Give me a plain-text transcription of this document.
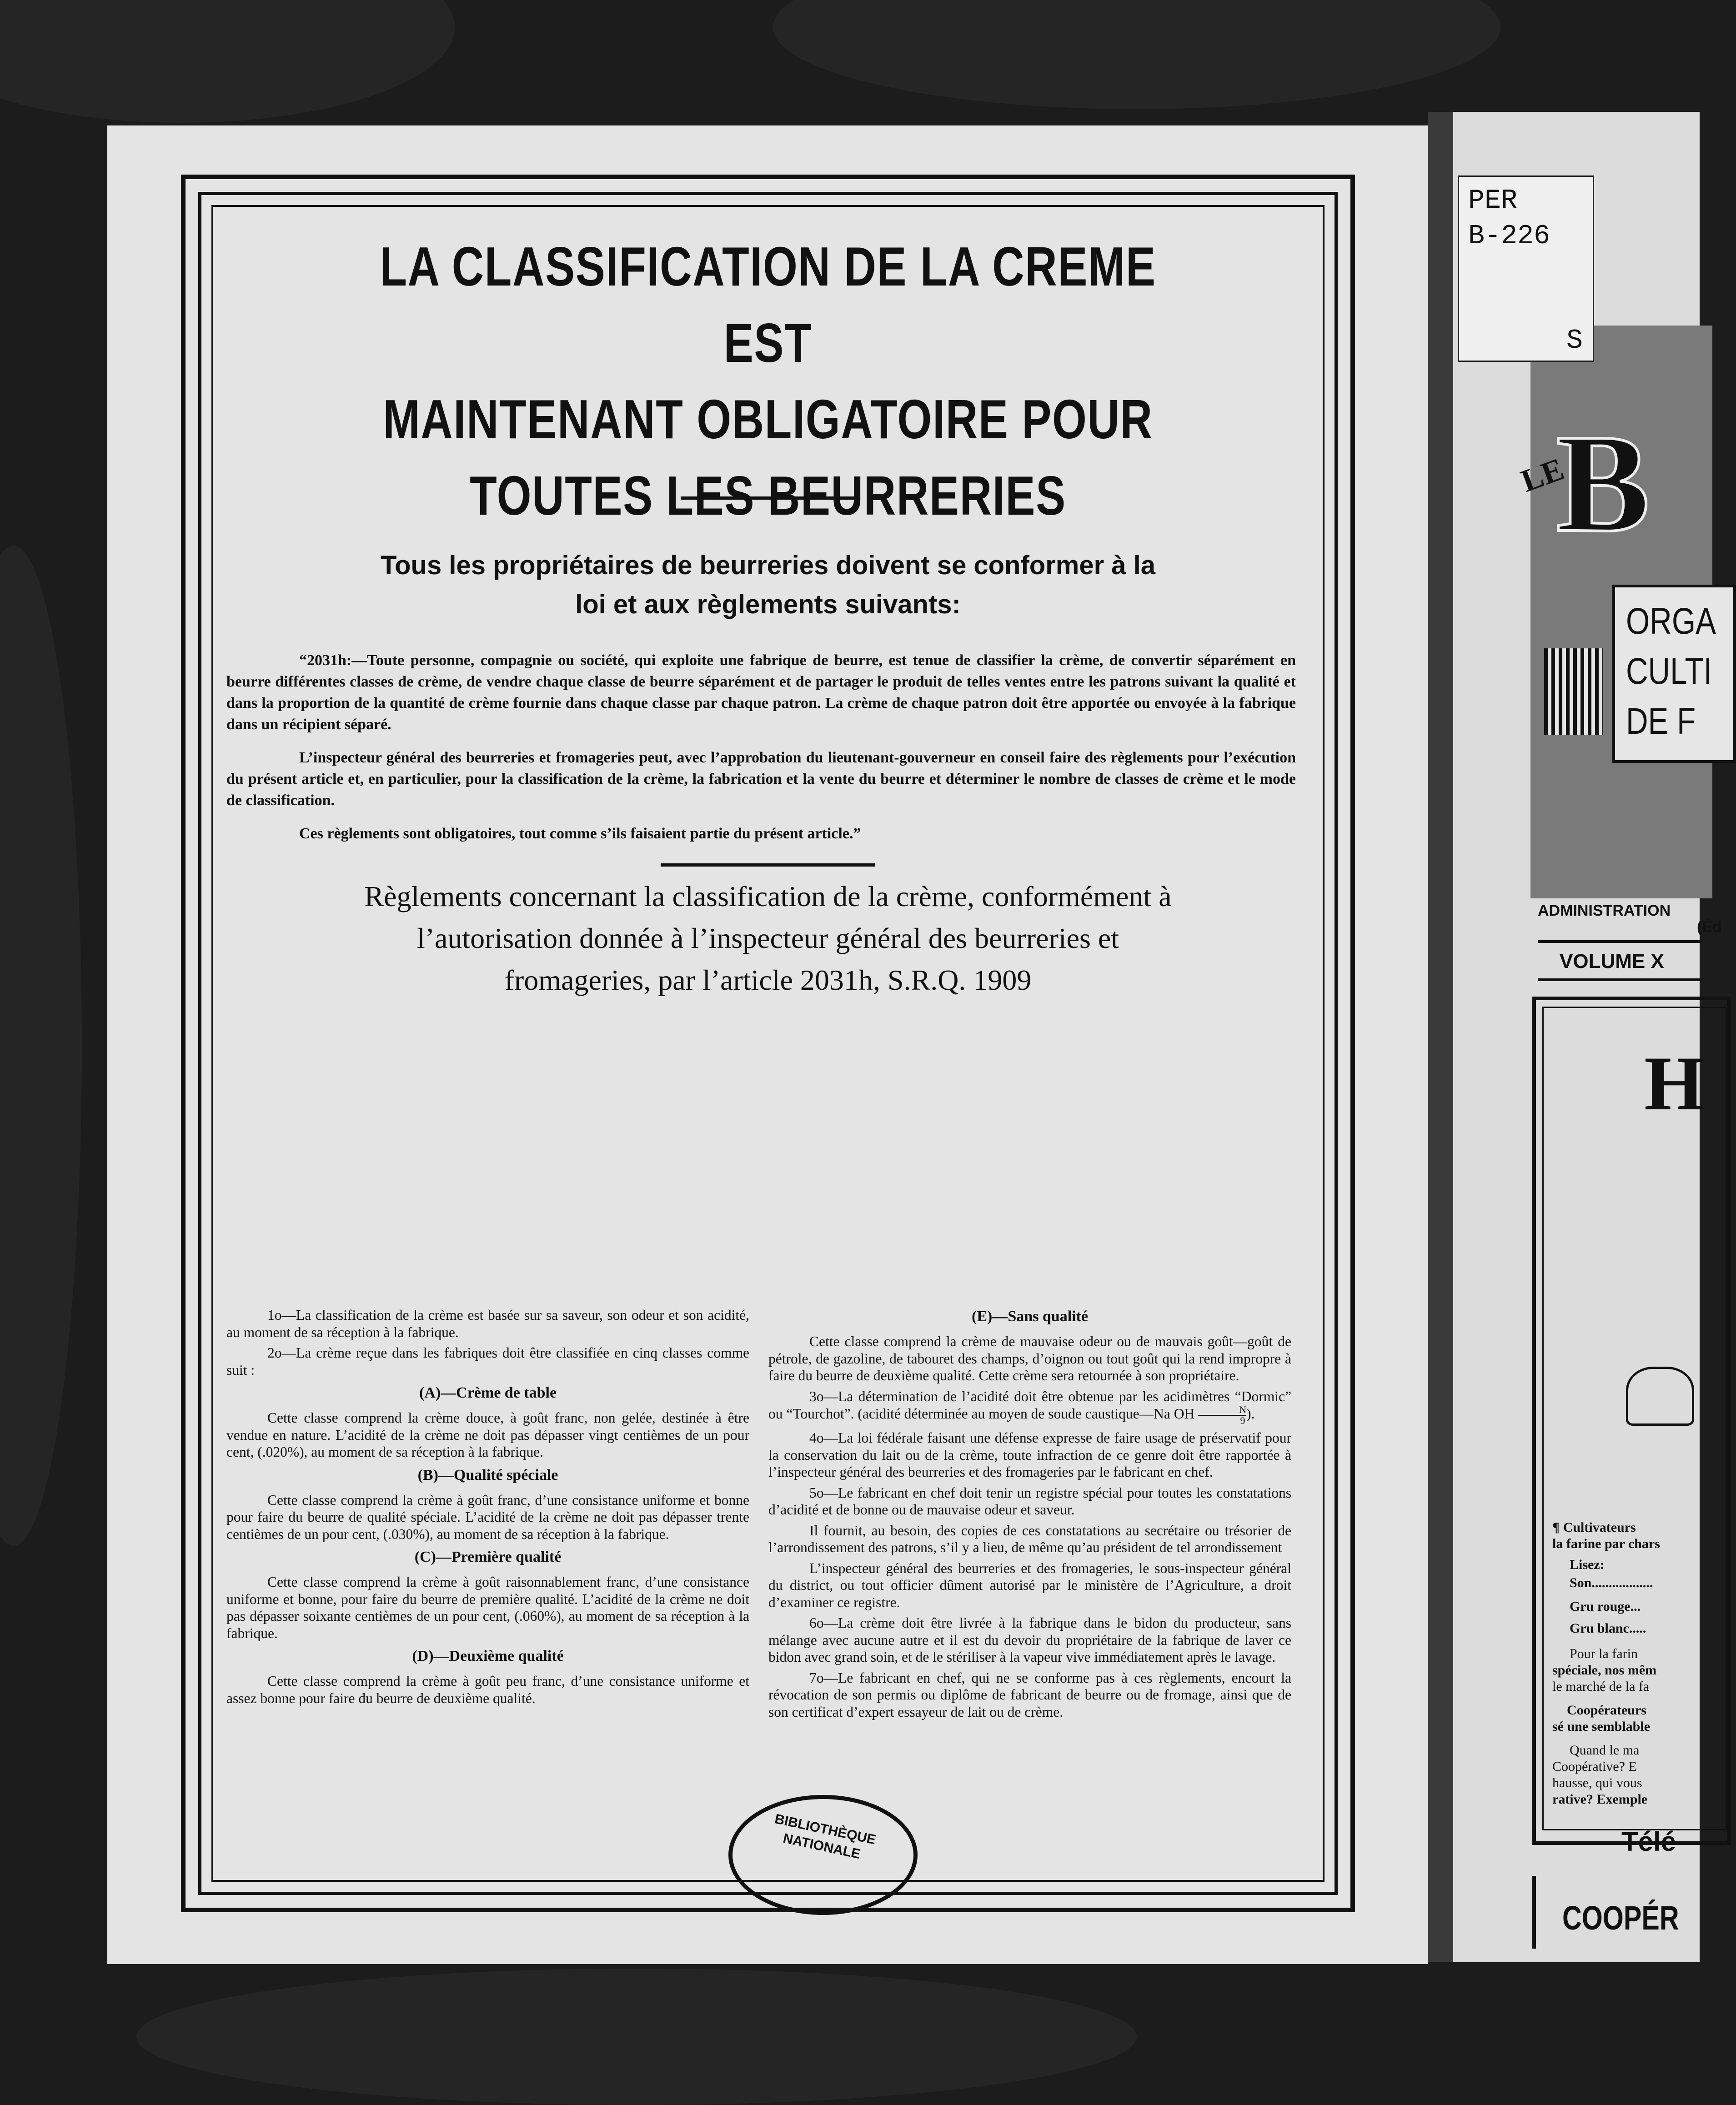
LA CLASSIFICATION DE LA CREME EST

MAINTENANT OBLIGATOIRE POUR

TOUTES LES BEURRERIES

Tous les propriétaires de beurreries doivent se conformer à la

loi et aux règlements suivants:

“2031h:—Toute personne, compagnie ou société, qui exploite une fabrique de beurre, est tenue de classifier la crème, de convertir séparément en beurre différentes classes de crème, de vendre chaque classe de beurre séparément et de partager le produit de telles ventes entre les patrons suivant la qualité et dans la proportion de la quantité de crème fournie dans chaque classe par chaque patron. La crème de chaque patron doit être apportée ou envoyée à la fabrique dans un récipient séparé.

L’inspecteur général des beurreries et fromageries peut, avec l’approbation du lieutenant-gouverneur en conseil faire des règlements pour l’exécution du présent article et, en particulier, pour la classification de la crème, la fabrication et la vente du beurre et déterminer le nombre de classes de crème et le mode de classification.

Ces règlements sont obligatoires, tout comme s’ils faisaient partie du présent article.”

Règlements concernant la classification de la crème, conformément à

l’autorisation donnée à l’inspecteur général des beurreries et

fromageries, par l’article 2031h, S.R.Q. 1909

1o—La classification de la crème est basée sur sa saveur, son odeur et son acidité, au moment de sa réception à la fabrique.

2o—La crème reçue dans les fabriques doit être classifiée en cinq classes comme suit :

(A)—Crème de table

Cette classe comprend la crème douce, à goût franc, non gelée, destinée à être vendue en nature. L’acidité de la crème ne doit pas dépasser vingt centièmes de un pour cent, (.020%), au moment de sa réception à la fabrique.

(B)—Qualité spéciale

Cette classe comprend la crème à goût franc, d’une consistance uniforme et bonne pour faire du beurre de qualité spéciale. L’acidité de la crème ne doit pas dépasser trente centièmes de un pour cent, (.030%), au moment de sa réception à la fabrique.

(C)—Première qualité

Cette classe comprend la crème à goût raisonnablement franc, d’une consistance uniforme et bonne, pour faire du beurre de première qualité. L’acidité de la crème ne doit pas dépasser soixante centièmes de un pour cent, (.060%), au moment de sa réception à la fabrique.

(D)—Deuxième qualité

Cette classe comprend la crème à goût peu franc, d’une consistance uniforme et assez bonne pour faire du beurre de deuxième qualité.

(E)—Sans qualité

Cette classe comprend la crème de mauvaise odeur ou de mauvais goût—goût de pétrole, de gazoline, de tabouret des champs, d’oignon ou tout goût qui la rend impropre à faire du beurre de deuxième qualité. Cette crème sera retournée à son propriétaire.

3o—La détermination de l’acidité doit être obtenue par les acidimètres “Dormic” ou “Tourchot”. (acidité déterminée au moyen de soude caustique—Na OH $\frac{N}{9}$ ).

4o—La loi fédérale faisant une défense expresse de faire usage de préservatif pour la conservation du lait ou de la crème, toute infraction de ce genre doit être rapportée à l’inspecteur général des beurreries et des fromageries par le fabricant en chef.

5o—Le fabricant en chef doit tenir un registre spécial pour toutes les constatations d’acidité et de bonne ou de mauvaise odeur et saveur.

Il fournit, au besoin, des copies de ces constatations au secrétaire ou trésorier de l’arrondissement des patrons, s’il y a lieu, de même qu’au président de tel arrondissement

L’inspecteur général des beurreries et des fromageries, le sous-inspecteur général du district, ou tout officier dûment autorisé par le ministère de l’Agriculture, a droit d’examiner ce registre.

6o—La crème doit être livrée à la fabrique dans le bidon du producteur, sans mélange avec aucune autre et il est du devoir du propriétaire de la fabrique de laver ce bidon avec grand soin, et de le stériliser à la vapeur vive immédiatement après le lavage.

7o—Le fabricant en chef, qui ne se conforme pas à ces règlements, encourt la révocation de son permis ou diplôme de fabricant de beurre ou de fromage, ainsi que de son certificat d’expert essayeur de lait ou de crème.

BIBLIOTHÈQUE NATIONALE
LE
B
ORGA
CULTI
DE F
PER
B-226
S
ADMINISTRATION
(Éd
VOLUME X
H
¶ Cultivateurs
la farine par chars
Lisez:
Son..................
Gru rouge...
Gru blanc.....
Pour la farin
spéciale, nos mêm
le marché de la fa
Coopérateurs
sé une semblable
Quand le ma
Coopérative? E
hausse, qui vous
rative? Exemple
Télé
COOPÉR
